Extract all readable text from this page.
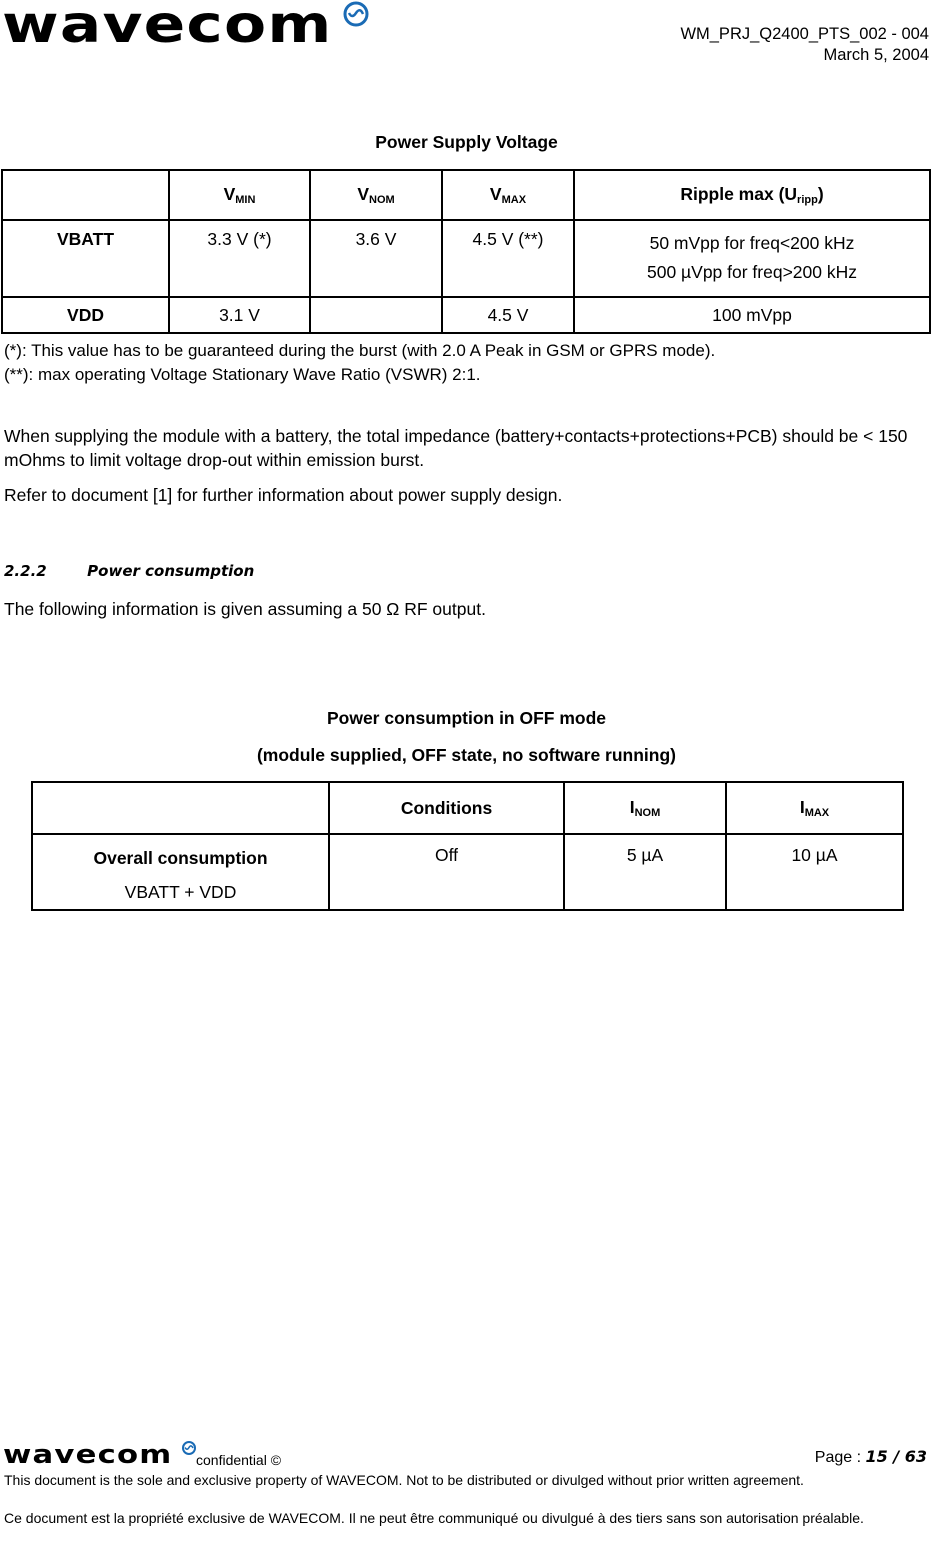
wavecom	WM_PRJ_Q2400_PTS_002 - 004
March 5, 2004
Power Supply Voltage
	$V_{MIN}$	$V_{NOM}$	$V_{MAX}$	Ripple $\max (U_{ripp})$
VBATT	3.3 V (*)	3.6 V	4.5 V (**)	50 mVpp for freq<200 kHz
500 µVpp for freq>200 kHz

VDD	3.1 V		4.5 V	100 mVpp
(*): This value has to be guaranteed during the burst (with 2.0 A Peak in GSM or GPRS mode).
(**): max operating Voltage Stationary Wave Ratio (VSWR) 2:1.
When supplying the module with a battery, the total impedance (battery+contacts+protections+PCB) should be < 150 mOhms to limit voltage drop-out within emission burst.
Refer to document [1] for further information about power supply design.
2.2.2	Power consumption
The following information is given assuming a 50 Ω RF output.
Power consumption in OFF mode
(module supplied, OFF state, no software running)
	Conditions	$I_{NOM}$	$I_{MAX}$

Overall consumption
VBATT + VDD	Off	5 µA	10 µA
wavecom confidential ©	Page : 15 / 63
This document is the sole and exclusive property of WAVECOM. Not to be distributed or divulged without prior written agreement.
Ce document est la propriété exclusive de WAVECOM. Il ne peut être communiqué ou divulgué à des tiers sans son autorisation préalable.
